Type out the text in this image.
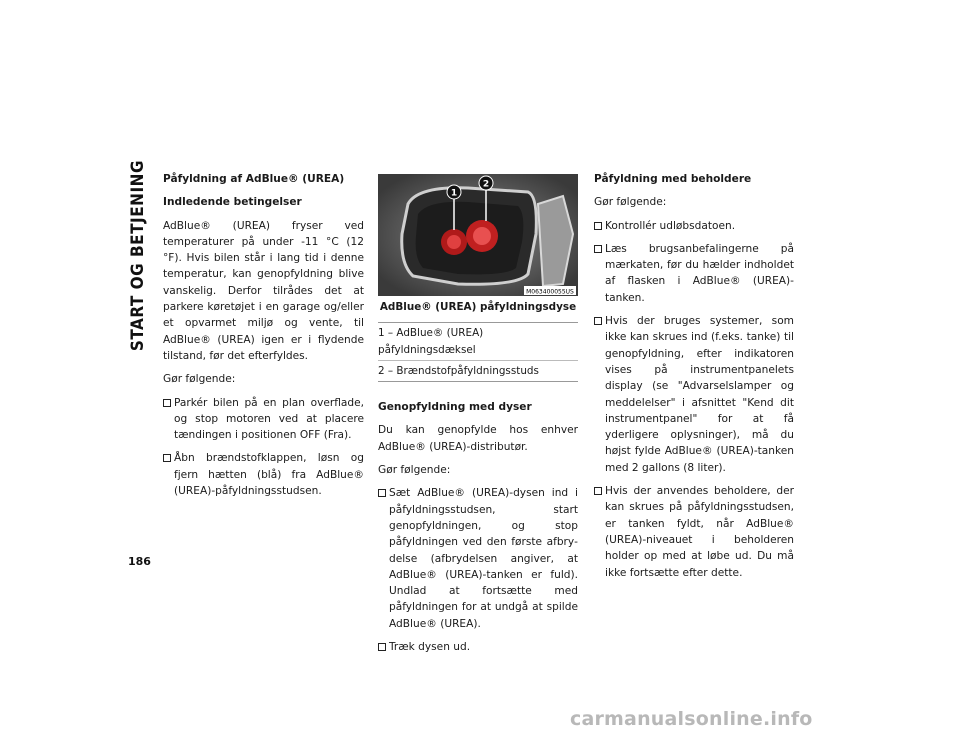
START OG BETJENING
186
Påfyldning af AdBlue® (UREA)
Indledende betingelser

AdBlue® (UREA) fryser ved temperaturer på under -11 °C (12 °F). Hvis bilen står i lang tid i denne temperatur, kan genopfyldning blive vanskelig. Derfor tilrådes det at parkere køretøjet i en garage og/eller et opvarmet miljø og vente, til AdBlue® (UREA) igen er i flydende tilstand, før det efterfyldes.

Gør følgende:

Parkér bilen på en plan overflade, og stop motoren ved at placere tændingen i positionen OFF (Fra).
Åbn brændstofklappen, løsn og fjern hætten (blå) fra AdBlue® (UREA)-påfyldningsstudsen.
1
2
M063400055US
AdBlue® (UREA) påfyldningsdyse
1 – AdBlue® (UREA) påfyldningsdæksel
2 – Brændstofpåfyldningsstuds
Genopfyldning med dyser

Du kan genopfylde hos enhver AdBlue® (UREA)-distributør.

Gør følgende:

Sæt AdBlue® (UREA)-dysen ind i påfyldningsstudsen, start genopfyldningen, og stop påfyldningen ved den første afbrydelse (afbrydelsen angiver, at AdBlue® (UREA)-tanken er fuld). Undlad at fortsætte med påfyldningen for at undgå at spilde AdBlue® (UREA).
Træk dysen ud.
Påfyldning med beholdere

Gør følgende:

Kontrollér udløbsdatoen.
Læs brugsanbefalingerne på mærkaten, før du hælder indholdet af flasken i AdBlue® (UREA)-tanken.
Hvis der bruges systemer, som ikke kan skrues ind (f.eks. tanke) til genopfyldning, efter indikatoren vises på instrumentpanelets display (se "Advarselslamper og meddelelser" i afsnittet "Kend dit instrumentpanel" for at få yderligere oplysninger), må du højst fylde AdBlue® (UREA)-tanken med 2 gallons (8 liter).
Hvis der anvendes beholdere, der kan skrues på påfyldningsstudsen, er tanken fyldt, når AdBlue® (UREA)-niveauet i beholderen holder op med at løbe ud. Du må ikke fortsætte efter dette.
carmanualsonline.info
